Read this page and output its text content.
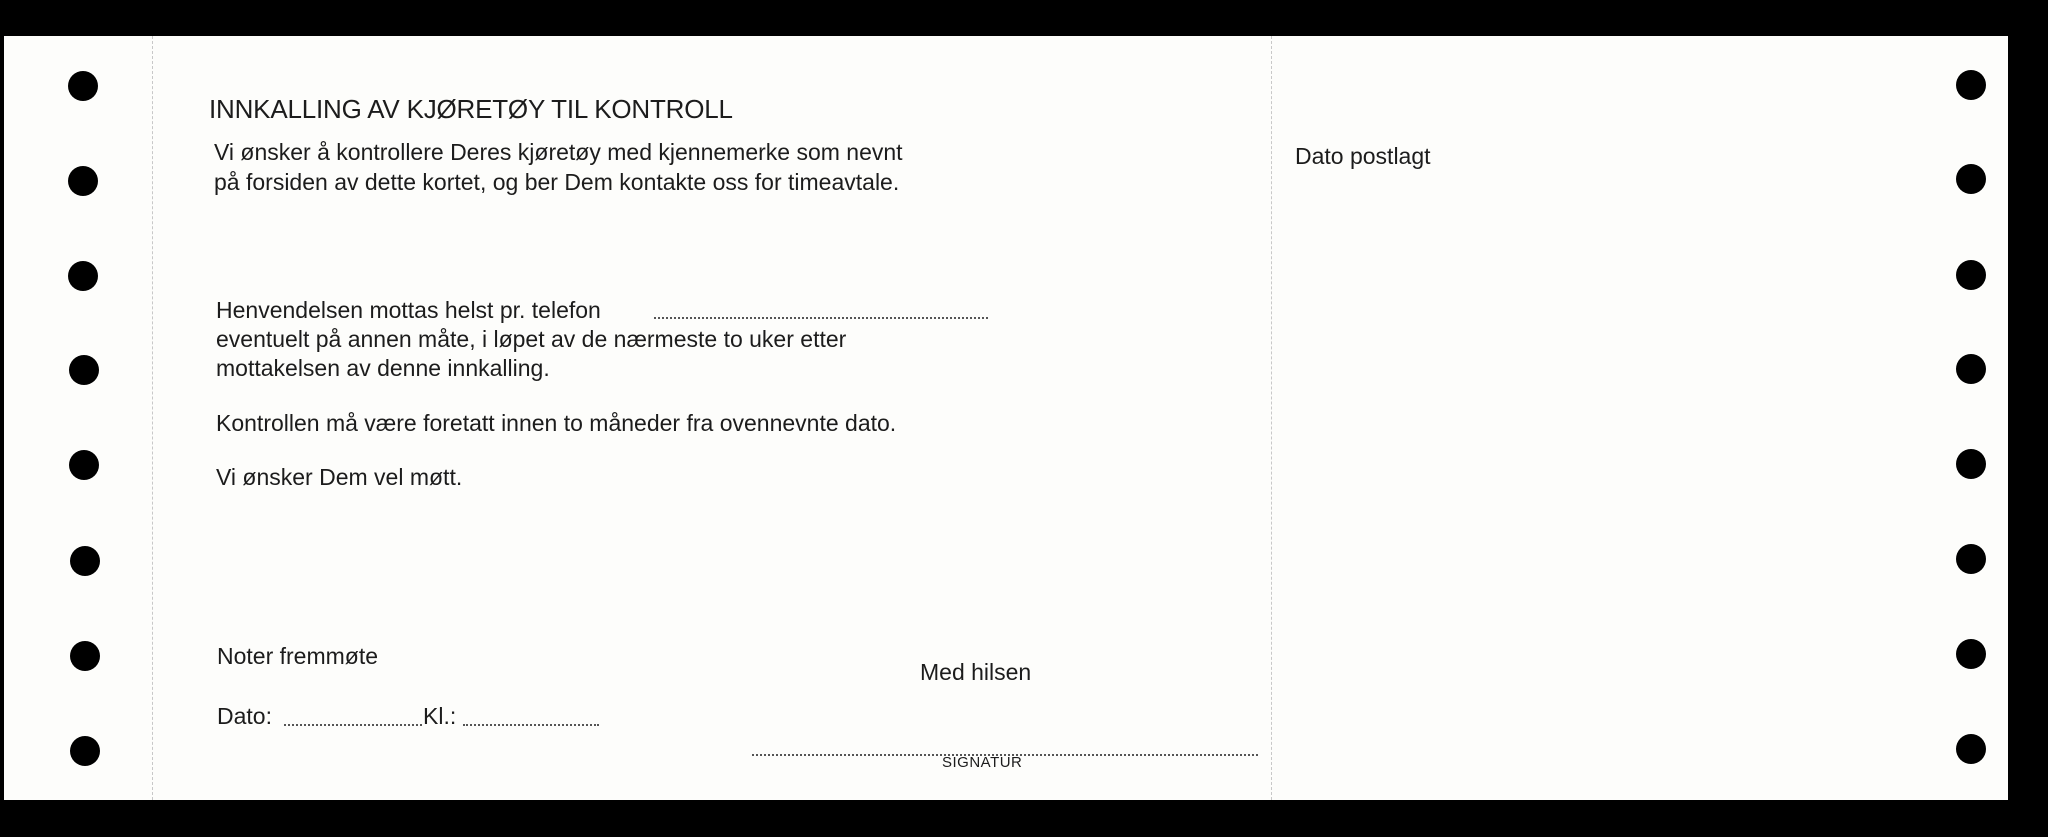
INNKALLING AV KJØRETØY TIL KONTROLL
Vi ønsker å kontrollere Deres kjøretøy med kjennemerke som nevnt
på forsiden av dette kortet, og ber Dem kontakte oss for timeavtale.
Henvendelsen mottas helst pr. telefon
eventuelt på annen måte, i løpet av de nærmeste to uker etter
mottakelsen av denne innkalling.
Kontrollen må være foretatt innen to måneder fra ovennevnte dato.
Vi ønsker Dem vel møtt.
Noter fremmøte
Dato:	Kl.:
Med hilsen
SIGNATUR
Dato postlagt
